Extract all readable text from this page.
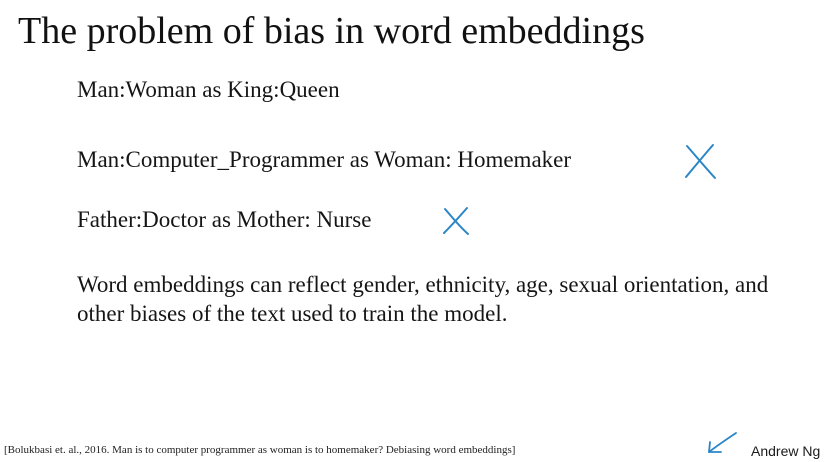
The problem of bias in word embeddings
Man:Woman as King:Queen
Man:Computer_Programmer as Woman: Homemaker
Father:Doctor as Mother: Nurse
Word embeddings can reflect gender, ethnicity, age, sexual orientation, and other biases of the text used to train the model.
[Bolukbasi et. al., 2016. Man is to computer programmer as woman is to homemaker? Debiasing word embeddings]	Andrew Ng
